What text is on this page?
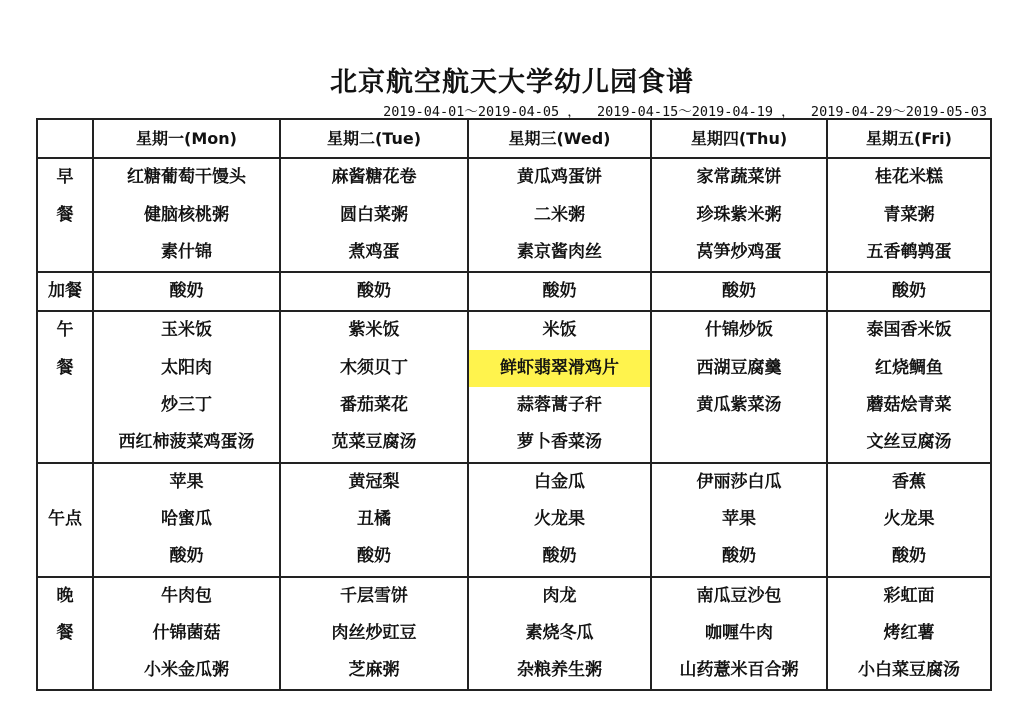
北京航空航天大学幼儿园食谱
2019-04-01～2019-04-05 ，  2019-04-15～2019-04-19 ，  2019-04-29～2019-05-03
	星期一(Mon)	星期二(Tue)	星期三(Wed)	星期四(Thu)	星期五(Fri)
早	红糖葡萄干馒头	麻酱糖花卷	黄瓜鸡蛋饼	家常蔬菜饼	桂花米糕
餐	健脑核桃粥	圆白菜粥	二米粥	珍珠紫米粥	青菜粥
	素什锦	煮鸡蛋	素京酱肉丝	莴笋炒鸡蛋	五香鹌鹑蛋
加餐	酸奶	酸奶	酸奶	酸奶	酸奶
午	玉米饭	紫米饭	米饭	什锦炒饭	泰国香米饭
餐	太阳肉	木须贝丁	鲜虾翡翠滑鸡片	西湖豆腐羹	红烧鲷鱼
	炒三丁	番茄菜花	蒜蓉蒿子秆	黄瓜紫菜汤	蘑菇烩青菜
	西红柿菠菜鸡蛋汤	苋菜豆腐汤	萝卜香菜汤		文丝豆腐汤
	苹果	黄冠梨	白金瓜	伊丽莎白瓜	香蕉
午点	哈蜜瓜	丑橘	火龙果	苹果	火龙果
	酸奶	酸奶	酸奶	酸奶	酸奶
晚	牛肉包	千层雪饼	肉龙	南瓜豆沙包	彩虹面
餐	什锦菌菇	肉丝炒豇豆	素烧冬瓜	咖喱牛肉	烤红薯
	小米金瓜粥	芝麻粥	杂粮养生粥	山药薏米百合粥	小白菜豆腐汤
